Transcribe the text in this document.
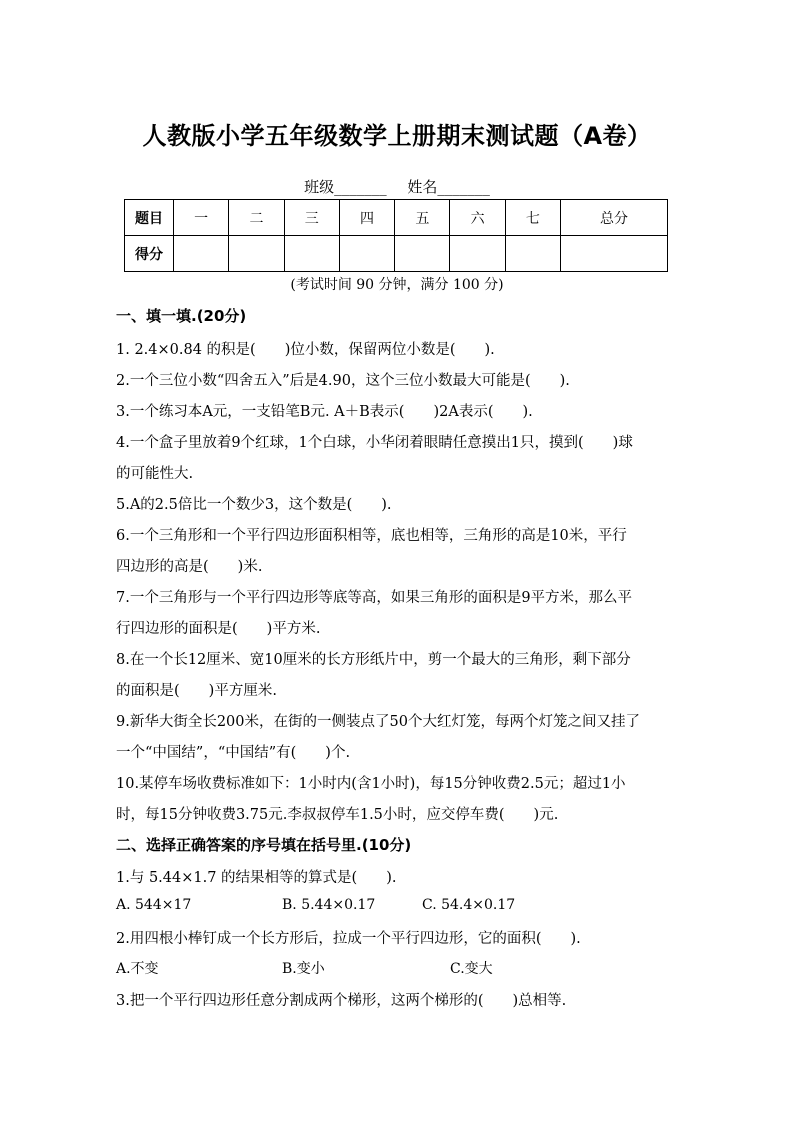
人教版小学五年级数学上册期末测试题（A卷）
班级_______ 姓名_______
题目	一	二	三	四	五	六	七	总分
得分								
(考试时间 90 分钟，满分 100 分)
一、填一填.(20分)
1. 2.4×0.84 的积是(　　)位小数，保留两位小数是(　　).
2.一个三位小数“四舍五入”后是4.90，这个三位小数最大可能是(　　).
3.一个练习本A元，一支铅笔B元. A＋B表示(　　)2A表示(　　).
4.一个盒子里放着9个红球，1个白球，小华闭着眼睛任意摸出1只，摸到(　　)球
的可能性大.
5.A的2.5倍比一个数少3，这个数是(　　).
6.一个三角形和一个平行四边形面积相等，底也相等，三角形的高是10米，平行
四边形的高是(　　)米.
7.一个三角形与一个平行四边形等底等高，如果三角形的面积是9平方米，那么平
行四边形的面积是(　　)平方米.
8.在一个长12厘米、宽10厘米的长方形纸片中，剪一个最大的三角形，剩下部分
的面积是(　　)平方厘米.
9.新华大街全长200米，在街的一侧装点了50个大红灯笼，每两个灯笼之间又挂了
一个“中国结”，“中国结”有(　　)个.
10.某停车场收费标准如下：1小时内(含1小时)，每15分钟收费2.5元；超过1小
时，每15分钟收费3.75元.李叔叔停车1.5小时，应交停车费(　　)元.
二、选择正确答案的序号填在括号里.(10分)
1.与 5.44×1.7 的结果相等的算式是(　　).
A. 544×17	B. 5.44×0.17	C. 54.4×0.17
2.用四根小棒钉成一个长方形后，拉成一个平行四边形，它的面积(　　).
A.不变	B.变小	C.变大
3.把一个平行四边形任意分割成两个梯形，这两个梯形的(　　)总相等.
